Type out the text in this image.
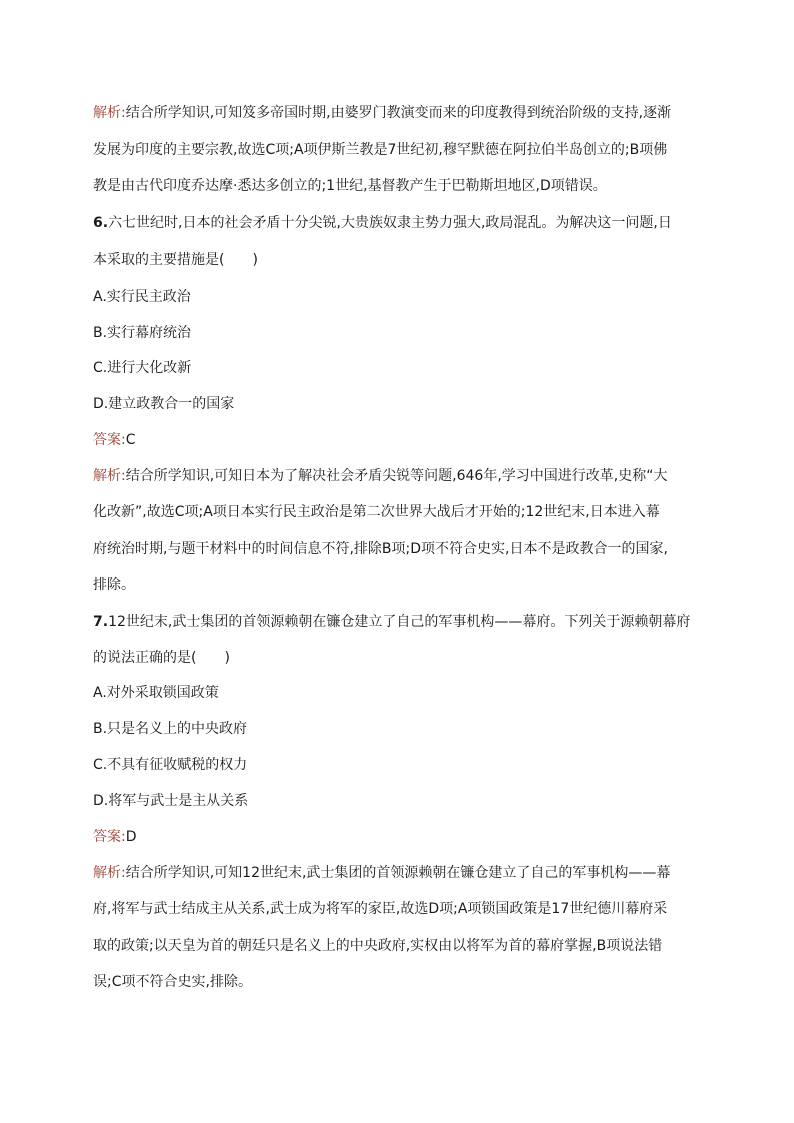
解析:结合所学知识,可知笈多帝国时期,由婆罗门教演变而来的印度教得到统治阶级的支持,逐渐
发展为印度的主要宗教,故选C项;A项伊斯兰教是7世纪初,穆罕默德在阿拉伯半岛创立的;B项佛
教是由古代印度乔达摩·悉达多创立的;1世纪,基督教产生于巴勒斯坦地区,D项错误。
6.六七世纪时,日本的社会矛盾十分尖锐,大贵族奴隶主势力强大,政局混乱。为解决这一问题,日
本采取的主要措施是(　　)
A.实行民主政治
B.实行幕府统治
C.进行大化改新
D.建立政教合一的国家
答案:C
解析:结合所学知识,可知日本为了解决社会矛盾尖锐等问题,646年,学习中国进行改革,史称“大
化改新”,故选C项;A项日本实行民主政治是第二次世界大战后才开始的;12世纪末,日本进入幕
府统治时期,与题干材料中的时间信息不符,排除B项;D项不符合史实,日本不是政教合一的国家,
排除。
7.12世纪末,武士集团的首领源赖朝在镰仓建立了自己的军事机构——幕府。下列关于源赖朝幕府
的说法正确的是(　　)
A.对外采取锁国政策
B.只是名义上的中央政府
C.不具有征收赋税的权力
D.将军与武士是主从关系
答案:D
解析:结合所学知识,可知12世纪末,武士集团的首领源赖朝在镰仓建立了自己的军事机构——幕
府,将军与武士结成主从关系,武士成为将军的家臣,故选D项;A项锁国政策是17世纪德川幕府采
取的政策;以天皇为首的朝廷只是名义上的中央政府,实权由以将军为首的幕府掌握,B项说法错
误;C项不符合史实,排除。
